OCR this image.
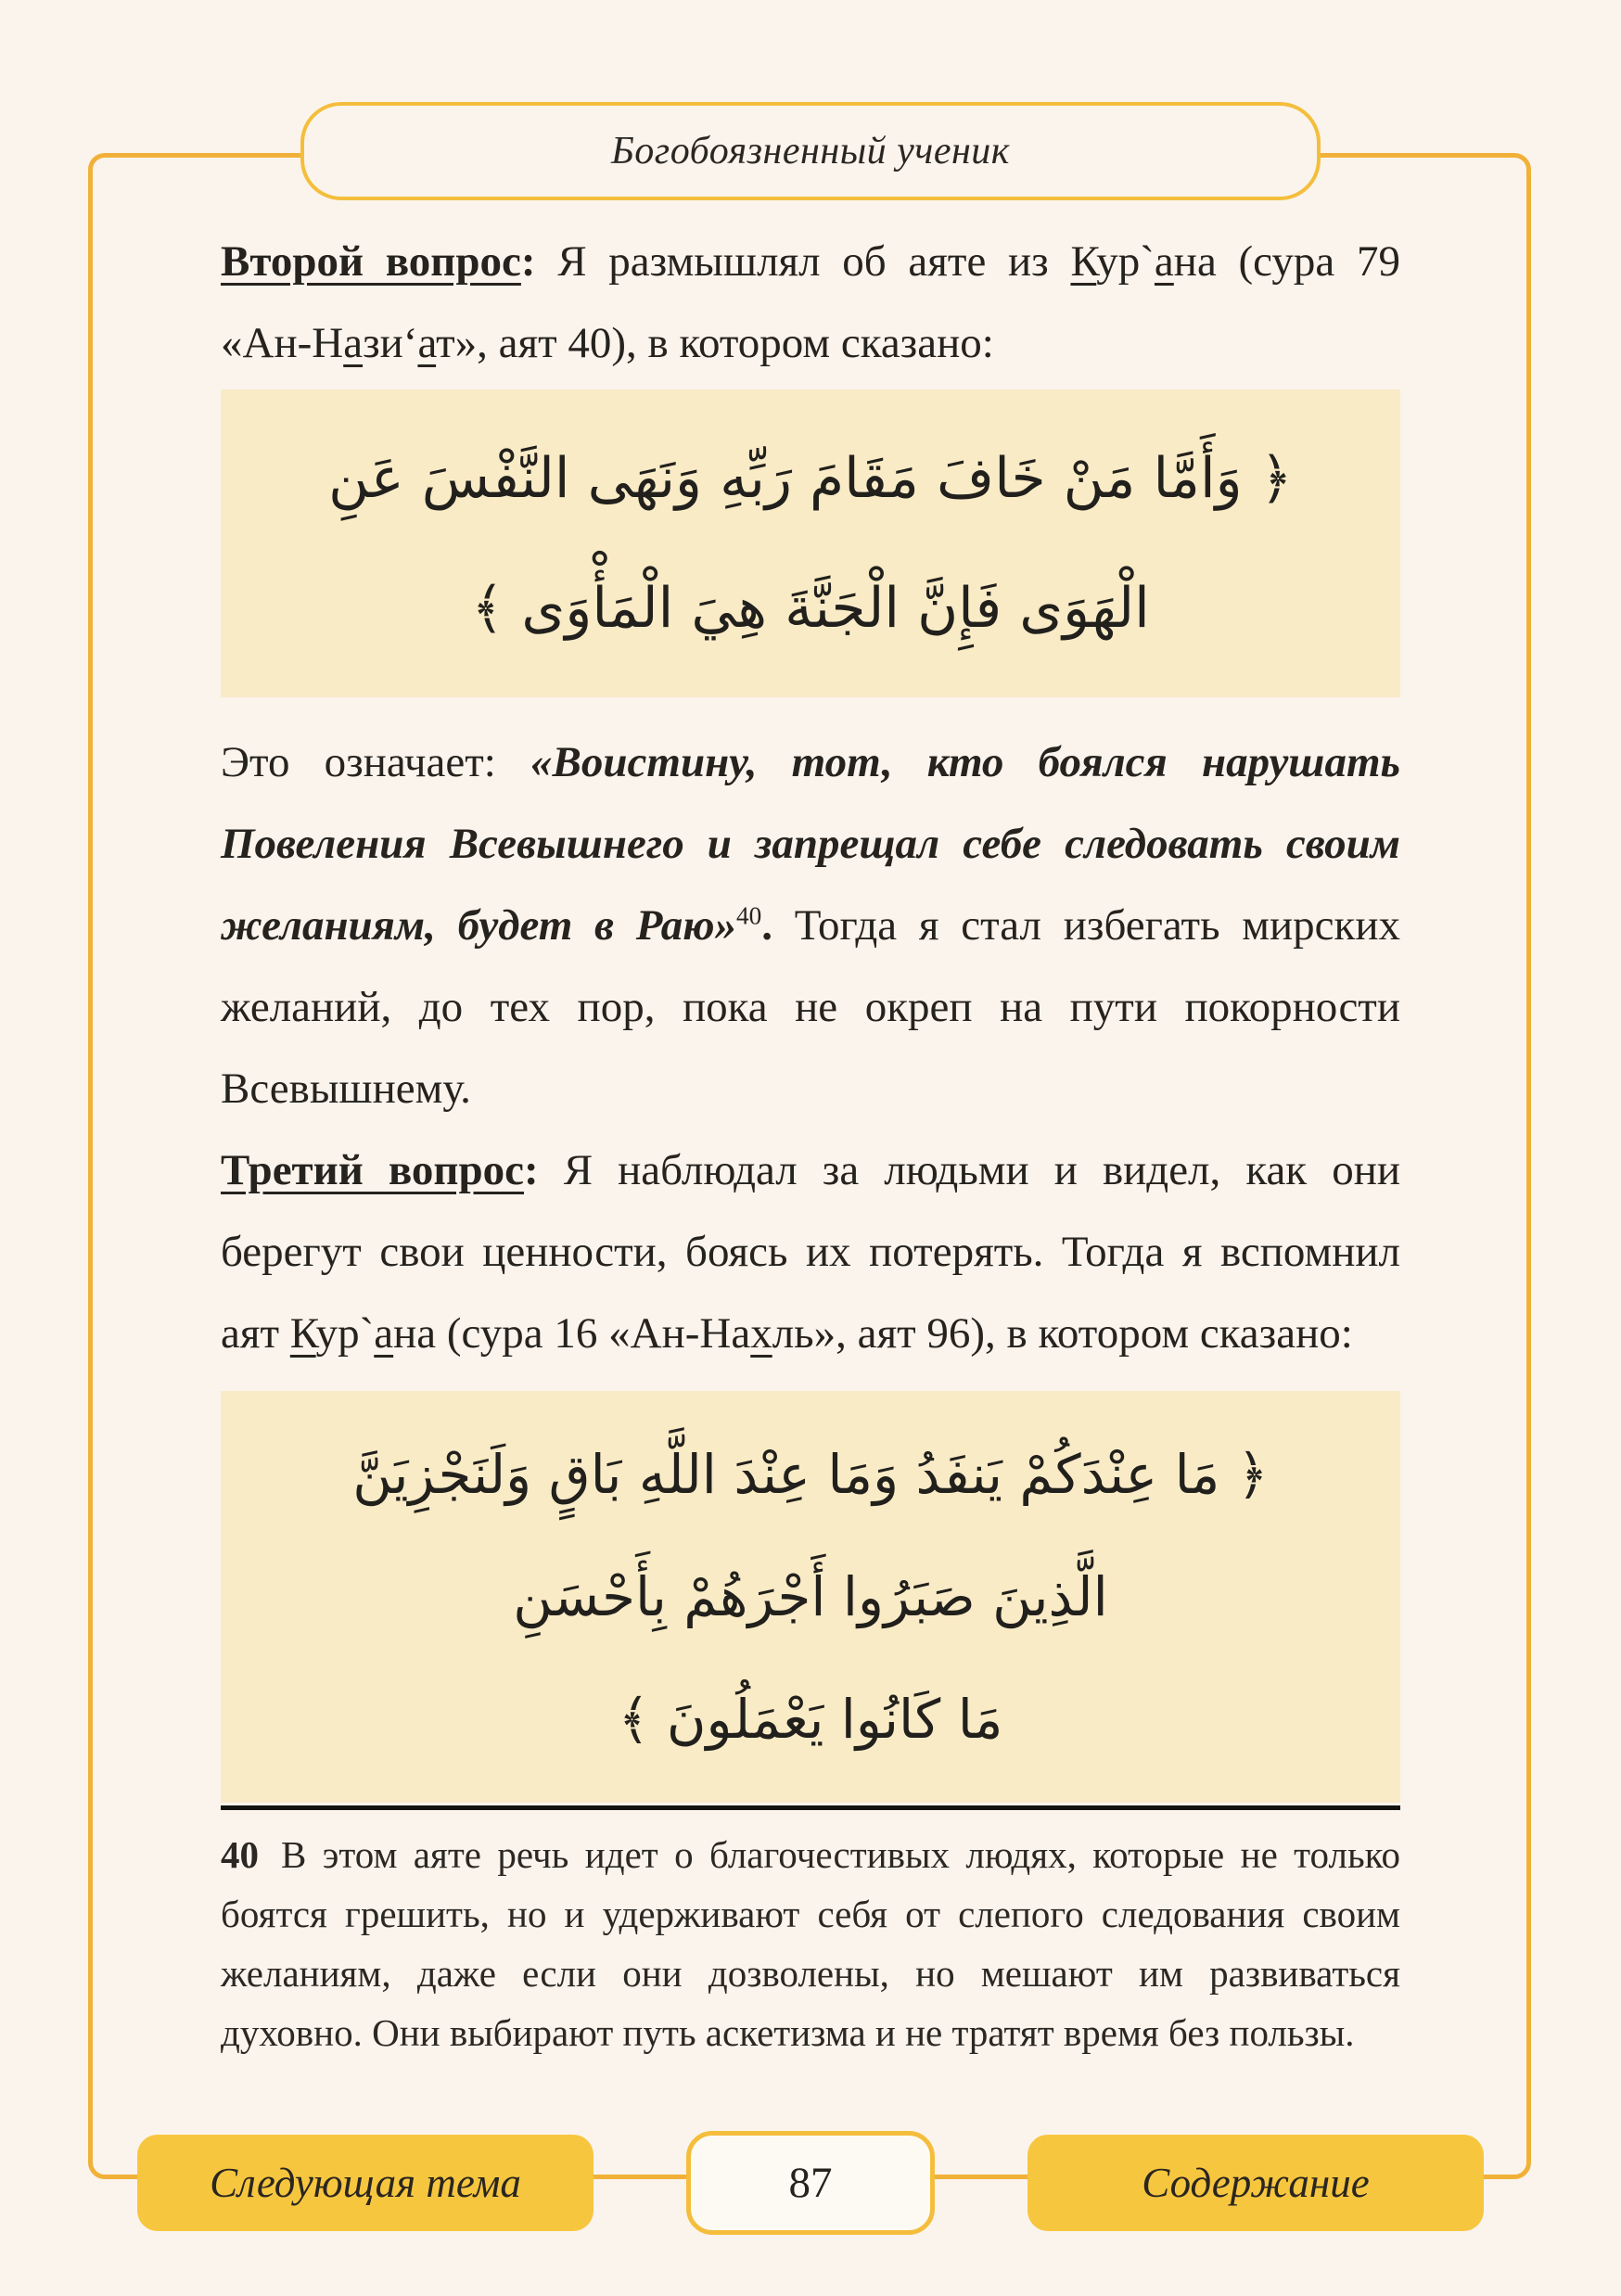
Богобоязненный ученик

Второй вопрос: Я размышлял об аяте из Кур`ана (сура 79 «Ан-Нази‘ат», аят 40), в котором сказано:

﴿ وَأَمَّا مَنْ خَافَ مَقَامَ رَبِّهِ وَنَهَى النَّفْسَ عَنِ
الْهَوَى فَإِنَّ الْجَنَّةَ هِيَ الْمَأْوَى ﴾

Это означает: «Воистину, тот, кто боялся нарушать Повеления Всевышнего и запрещал себе следовать своим желаниям, будет в Раю»$^{40}$. Тогда я стал избегать мирских желаний, до тех пор, пока не окреп на пути покорности Всевышнему.

Третий вопрос: Я наблюдал за людьми и видел, как они берегут свои ценности, боясь их потерять. Тогда я вспомнил аят Кур`ана (сура 16 «Ан-Нахль», аят 96), в котором сказано:

﴿ مَا عِنْدَكُمْ يَنفَدُ وَمَا عِنْدَ اللَّهِ بَاقٍ وَلَنَجْزِيَنَّ
الَّذِينَ صَبَرُوا أَجْرَهُمْ بِأَحْسَنِ
مَا كَانُوا يَعْمَلُونَ ﴾

40 В этом аяте речь идет о благочестивых людях, которые не только боятся грешить, но и удерживают себя от слепого следования своим желаниям, даже если они дозволены, но мешают им развиваться духовно. Они выбирают путь аскетизма и не тратят время без пользы.

Следующая тема	87	Содержание
